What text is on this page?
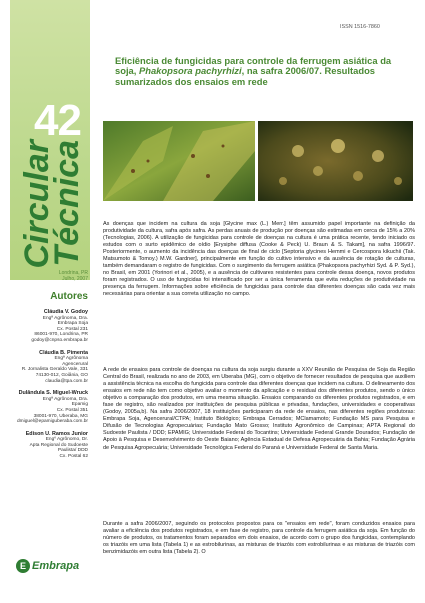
42
Circular
Técnica
Londrina, PR
Julho, 2007
Autores
Cláudia V. Godoy
Engª Agrônoma, Dra.
Embrapa Soja
Cx. Postal 231
86001-970, Londrina, PR
godoy@cnpso.embrapa.br
Cláudia B. Pimenta
Engª Agrônoma
Agencerural
R. Jornalista Geraldo Vale, 331
74130-012, Goiânia, GO
claudia@tpa.com.br
Dulândula S. Miguel-Wruck
Engª Agrônoma, Dra.
Epamig
Cx. Postal 351
38001-970, Uberaba, MG
dmiguel@epamiguberaba.com.br
Edison U. Ramos Junior
Engº Agrônomo, Dr.
Apta Regional do Sudoeste
Paulista/ DDD
Cx. Postal 62
E Embrapa
ISSN 1516-7860
Eficiência de fungicidas para controle da ferrugem asiática da soja, Phakopsora pachyrhizi, na safra 2006/07. Resultados sumarizados dos ensaios em rede

As doenças que incidem na cultura da soja [Glycine max (L.) Merr.] têm assumido papel importante na definição da produtividade da cultura, safra após safra. As perdas anuais de produção por doenças são estimadas em cerca de 15% a 20% (Tecnologias, 2006). A utilização de fungicidas para controle de doenças na cultura é uma prática recente, tendo iniciado os estudos com o surto epidêmico de oídio [Erysiphe diffusa (Cooke & Peck) U. Braun & S. Takam], na safra 1996/97. Posteriormente, o aumento da incidência das doenças de final de ciclo [Septoria glycines Hemmi e Cercospora kikuchii (Tak. Matsumoto & Tomoy.) M.W. Gardner], principalmente em função do cultivo intensivo e da ausência de rotação de culturas, também demandaram o registro de fungicidas. Com o surgimento da ferrugem asiática (Phakopsora pachyrhizi Syd. & P. Syd.), no Brasil, em 2001 (Yorinori et al., 2005), e a ausência de cultivares resistentes para controle dessa doença, novos produtos foram registrados. O uso de fungicidas foi intensificado por ser a única ferramenta que evita reduções de produtividade na presença da ferrugem. Informações sobre eficiência de fungicidas para controle das diferentes doenças são cada vez mais necessárias para orientar a sua correta utilização no campo.

A rede de ensaios para controle de doenças na cultura da soja surgiu durante a XXV Reunião de Pesquisa de Soja da Região Central do Brasil, realizada no ano de 2003, em Uberaba (MG), com o objetivo de fornecer resultados de pesquisa que auxiliem a assistência técnica na escolha do fungicida para controle das diferentes doenças que incidem na cultura. O delineamento dos ensaios em rede não tem como objetivo avaliar o momento da aplicação e o residual dos diferentes produtos, sendo o único objetivo a comparação dos produtos, em uma mesma situação. Ensaios comparando os diferentes produtos registrados, e em fase de registro, são realizados por instituições de pesquisa públicas e privadas, fundações, universidades e cooperativas (Godoy, 2005a,b). Na safra 2006/2007, 18 instituições participaram da rede de ensaios, nas diferentes regiões produtoras: Embrapa Soja, Agencerural/CTPA; Instituto Biológico; Embrapa Cerrados; MClamamoto; Fundação MS para Pesquisa e Difusão de Tecnologias Agropecuárias; Fundação Mato Grosso; Instituto Agronômico de Campinas; APTA Regional do Sudoeste Paulista / DDD; EPAMIG; Universidade Federal do Tocantins; Universidade Federal Grande Dourados; Fundação de Apoio à Pesquisa e Desenvolvimento do Oeste Baiano; Agência Estadual de Defesa Agropecuária da Bahia; Fundação Agrária de Pesquisa Agropecuária; Universidade Tecnológica Federal do Paraná e Universidade Federal de Santa Maria.

Durante a safra 2006/2007, seguindo os protocolos propostos para os "ensaios em rede", foram conduzidos ensaios para avaliar a eficiência dos produtos registrados, e em fase de registro, para controle da ferrugem asiática da soja. Em função do número de produtos, os tratamentos foram separados em dois ensaios, de acordo com o grupo dos fungicidas, contemplando os triazóis em uma lista (Tabela 1) e as estrobilurinas, as misturas de triazóis com estrobilurinas e as misturas de triazóis com benzimidazóis em outra lista (Tabela 2). O
